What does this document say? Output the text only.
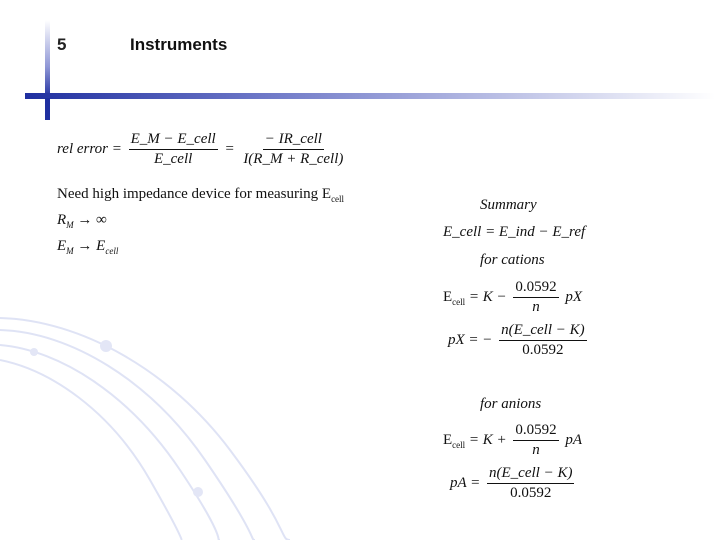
5	Instruments
rel error = $\frac{\text{E\_M − E\_cell}}{\text{E\_cell}} = \frac{\text{− IR\_cell}}{\text{I(R\_M + R\_cell)}}$
Need high impedance device for measuring $E_{cell}$
$R_M$ → ∞
$E_M \to E_{cell}$
Summary
E_cell = E_ind − E_ref
for cations
$E_{cell} = K - \frac{0.0592}{n}$ pX
pX = − $\frac{\text{n(E\_cell − K)}}{0.0592}$
for anions
$E_{cell} = K + \frac{0.0592}{n}$ pA
pA = $\frac{\text{n(E\_cell − K)}}{0.0592}$
